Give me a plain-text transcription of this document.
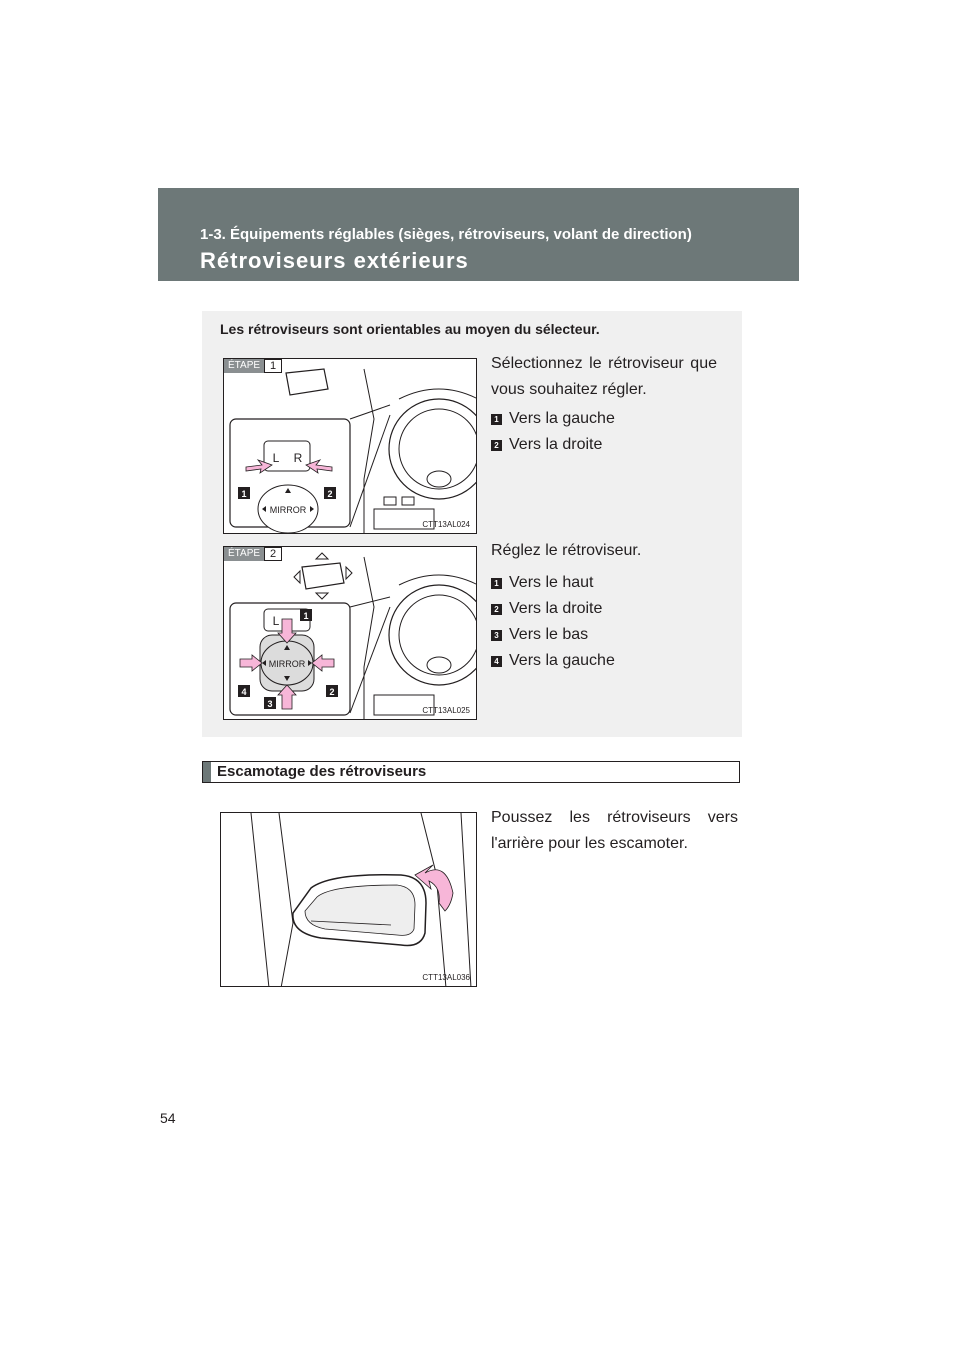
1-3. Équipements réglables (sièges, rétroviseurs, volant de direction)
Rétroviseurs extérieurs
Les rétroviseurs sont orientables au moyen du sélecteur.
MIRROR
L R
1	2
ÉTAPE 1
CTT13AL024
Sélectionnez le rétroviseur que vous souhaitez régler.
1 Vers la gauche
2 Vers la droite
L
MIRROR
1
2
3
4
ÉTAPE 2
CTT13AL025
Réglez le rétroviseur.
1 Vers le haut
2 Vers la droite
3 Vers le bas
4 Vers la gauche
Escamotage des rétroviseurs
CTT13AL036
Poussez les rétroviseurs vers l'arrière pour les escamoter.
54
